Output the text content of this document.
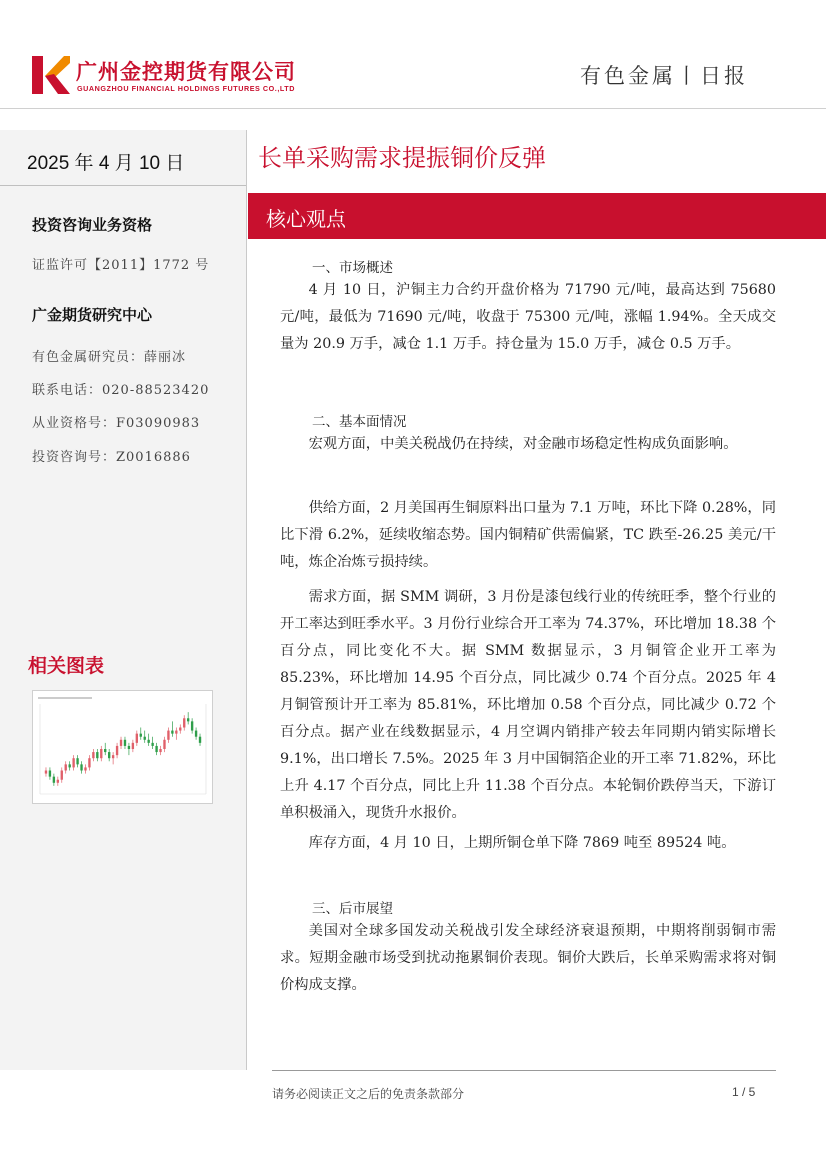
广州金控期货有限公司
GUANGZHOU FINANCIAL HOLDINGS FUTURES CO.,LTD
有色金属丨日报
2025 年 4 月 10 日
投资咨询业务资格
证监许可【2011】1772 号
广金期货研究中心
有色金属研究员：薛丽冰
联系电话：020-88523420
从业资格号：F03090983
投资咨询号：Z0016886
相关图表
长单采购需求提振铜价反弹
核心观点
一、市场概述
4 月 10 日，沪铜主力合约开盘价格为 71790 元/吨，最高达到 75680 元/吨，最低为 71690 元/吨，收盘于 75300 元/吨，涨幅 1.94%。全天成交量为 20.9 万手，减仓 1.1 万手。持仓量为 15.0 万手，减仓 0.5 万手。
二、基本面情况
宏观方面，中美关税战仍在持续，对金融市场稳定性构成负面影响。
供给方面，2 月美国再生铜原料出口量为 7.1 万吨，环比下降 0.28%，同比下滑 6.2%，延续收缩态势。国内铜精矿供需偏紧，TC 跌至-26.25 美元/干吨，炼企冶炼亏损持续。
需求方面，据 SMM 调研，3 月份是漆包线行业的传统旺季，整个行业的开工率达到旺季水平。3 月份行业综合开工率为 74.37%，环比增加 18.38 个百分点，同比变化不大。据 SMM 数据显示，3 月铜管企业开工率为 85.23%，环比增加 14.95 个百分点，同比减少 0.74 个百分点。2025 年 4 月铜管预计开工率为 85.81%，环比增加 0.58 个百分点，同比减少 0.72 个百分点。据产业在线数据显示，4 月空调内销排产较去年同期内销实际增长 9.1%，出口增长 7.5%。2025 年 3 月中国铜箔企业的开工率 71.82%，环比上升 4.17 个百分点，同比上升 11.38 个百分点。本轮铜价跌停当天，下游订单积极涌入，现货升水报价。
库存方面，4 月 10 日，上期所铜仓单下降 7869 吨至 89524 吨。
三、后市展望
美国对全球多国发动关税战引发全球经济衰退预期，中期将削弱铜市需求。短期金融市场受到扰动拖累铜价表现。铜价大跌后，长单采购需求将对铜价构成支撑。
请务必阅读正文之后的免责条款部分	1 / 5
